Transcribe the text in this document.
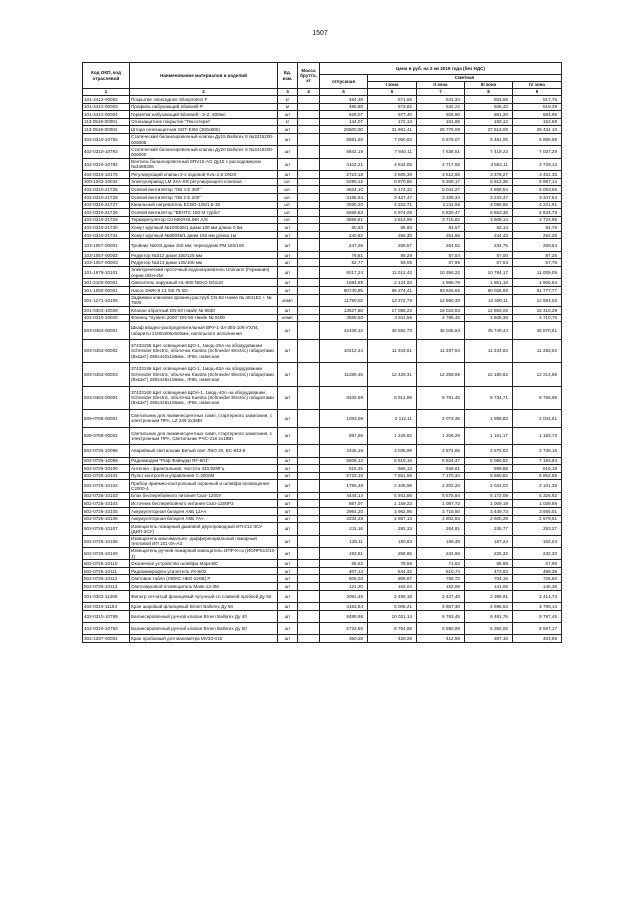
1507
Код ОКП, код отраслевой	Наименование материалов и изделий	Ед. изм.	Масса брутто, кг	Цена в руб. на 2 кв 2019 года (без НДС)				
				отпускная	Сметная			
					I зона	II зона	III зона	IV зона
1	2	3	4	5	6	7	8	9
101-4412-00002	Покрытие эпоксидное Silanprotect F	кг		484,48	571,68	541,34	503,68	517,76
101-4412-00003	Профиль набухающий Silaswell-P	м		485,89	573,82	542,22	505,42	519,39
101-4412-00004	Герметик набухающий Silaswell - S-Z, 600мл	шт		828,07	977,40	925,60	861,20	884,99
113-0519-00001	Огнезащитное покрытие "Тексотерм"	кг		144,07	172,13	161,88	150,12	154,58
113-0519-00002	Штора огнезащитная ЭОТ-EI60 (300х800)	шт		26500,00	31 661,41	29 775,09	27 613,00	28 434 10
402-0310-10792	Статический балансировочный клапан Ду15 Ballorex S №3315200- 005005	шт		5981,50	7 060,63	6 679,07	6 481,06	6 896,98
402-0310-10793	Статический балансировочный клапан Ду20 Ballorex S №3415200- 006000	шт		6842,19	7 840,11	7 638,51	7 419,23	7 037,29
402-0310-10794	Вентиль балансировочный SRV15-AG Ду15 с расходомером №3498306	шт		4102,21	4 842,05	4 717,55	4 582,11	4 729,14
402-0310-10175	Регулирующий клапан 2-х ходовой Kvs=2,5 DN20	шт		2723,18	3 605,39	3 512,68	3 378,27	3 451,35
300-1043-10032	Электропривод LM 24A-SR регулирующего клапана	шт.		5290,12	6 870,85	6 269,17	5 812,38	5 987,14
402-0310-21725	Осевой вентилятор "OB 4 E 350"	шт.		4824,10	5 174,32	5 041,27	4 896,54	5 053,66
402-0310-21728	Осевой вентилятор "OB 2 E 200"	шт.		3185,54	3 427,47	3 339,34	3 243,47	3 347,54
402-0310-21727	Канальный нагреватель ЕСВО-125/1,5-18	шт.		4030,20	4 322,71	4 211,55	4 090,65	4 221,91
402-0310-21726	Осевой вентилятор "BEHTC 150 M турбо"	шт.		5569,83	5 974,09	5 820,47	5 653,36	5 834,78
402-0310-21729	Терморегулятор OJ MIKROLINK A/S	шт.		3556,81	3 813,99	3 715,82	3 609,14	3 724,95
402-0310-21730	Хомут крупный №100035/1 диам 100 мм длина 0,5м	шт		80,93	86,80	84,57	82,14	84,78
402-0310-21731	Хомут крупный №90035/1 диам 150 мм длина 1м	шт		240,82	258,30	251,66	244,43	252,28
103-1057-00001	Тройник №033 диам 150 мм; переходник РМ 150/160	шт		247,28	269,57	264,52	234,75	259,64
103-1057-00002	Редуктор №312 диам 150/125 мм	шт		79,81	89,29	87,64	87,00	87,25
103-1057-00003	Редуктор №213 диам 125/100 мм	шт		52,77	59,05	57,95	57,53	57,76
101-1979-10101	Электрический проточный водонагреватель Unimann (Германия) серии UDH-4M	шт		9217,24	11 012,42	10 356,22	10 784,17	11 009,05
301-2100-00001	Смеситель наружный HL-900 NEKO DN110	шт		1684,89	2 124,63	1 995,78	1 851,18	1 906,94
301-1050-00001	Насос DWK-8 13 /50.75 5D	шт		80740,85	96 274,41	93 525,65	90 028,86	91 777,77
301-1271-10106	Задвижка клиновая фланец-раструб CN-63 Hawle № 4041E2 + № 7600	комп		11750,02	13 272,79	12 860,30	12 490,11	12 684,02
201-0303-10028	Клапан обратный DN-50 Hawle № 9830	шт		13527,88	17 058,22	16 023,83	14 863,00	15 310,29
402-0310-10020	Фланец "System 2000" DN-50 Hawle № 0400	комп		4589,50	4 911,56	4 786,45	4 609,36	4 710,76
503-0463-00001	Шкаф вводно-распределительный ВРУ-1-Зл-393-106-УХЛ4, габариты 2100х800х600мм, напольного исполнения	шт		42439,13	46 682,73	46 045,64	45 749,44	45 870,61
503-0463-00002	37433156 Щит освещения ЩО-1, 1мод=25А на оборудовании Schneider Electric, оболочка Kaedra (Schneider Electric) габаритами (ВхШхГ) 280х440х156мм., IP65, навесная	шт		10412,44	11 403,61	11 297,54	11 224,83	11 253,62
503-0463-00003	37433159 Щит освещения ЩО-1, 1мод=63А на оборудовании Schneider Electric, оболочка Kaedra (Schneider Electric) габаритами (ВхШхГ) 280х448х156мм., IP65, навесная	шт		11289,45	12 429,31	12 259,95	12 180,62	12 214,68
503-0463-00004	37433160 Щит освещения ЩОА-1, 1мод=40А на оборудовании Schneider Electric, оболочка Kaedra (Schneider Electric) габаритами (ВхШхГ) 280х448х156мм., IP65, навесная	шт		8102,69	8 912,89	8 791,45	8 734,71	8 756,99
509-0768-00001	Светильник для люминесцентных ламп, стартерного зажигания, с электронным ПРА, LZ 236 2х36Вт	шт		1083,08	2 112,11	2 073,35	1 995,83	2 034,61
509-0768-00002	Светильник для люминесцентных ламп, стартерного зажигания, с электронным ПРА, Светильник РЧС-218 2х18Вт	шт		987,59	1 226,82	1 206,29	1 161,17	1 183,73
502-0726-10098	Аварийный светильник Белый свет ЛБО 20, БС-843-8	шт		2445,18	3 035,99	2 874,85	2 675,03	2 749,15
502-0726-10099	Радиомодем "Риф Файндер RF-801"	шт		5508,12	6 819,19	6 524,47	6 060,82	7 193,64
502-0726-10100	Антенна - фрактальная, частота 433,92МГц	шт		515,45	666,13	646,61	599,88	616,18
502-0726-10101	Пульт контроля и управления С-2000М	шт		5723,16	7 651,58	7 170,34	6 660,62	6 862,89
502-0726-10102	Прибор приемно-контрольный охранный и шлейфа оповещения С2000-4	шт		1755,48	2 345,98	2 202,20	2 043,03	2 101,38
502-0726-10103	Блок бесперебойного питания Скат-1200У	шт		4444,14	5 941,59	5 575,94	5 172,09	5 326,92
502-0726-10104	Источник бесперебойного питания Скат-1200РЗ	шт		867,07	1 159,23	1 087,72	1 009,19	1 039,89
502-0726-10105	Аккумуляторная батарея АКБ 12Ач	шт		2964,20	3 962,95	3 718,50	3 449,73	3 556,01
502-0726-10106	Аккумуляторная батарея АКБ 7Ач	шт		2234,28	2 987,13	2 802,84	2 600,29	2 679,61
502-0726-10107	Извещатель пожарный дымовой двухпроводный ИП-212-3СУ (ДИП-3СУ)	шт		211,16	282,33	264,91	245,77	253,27
502-0726-10108	Извещатель максимально- дифференциальный пожарный тепловой ИП 101-3А-А3	шт		135,11	180,63	169,49	157,24	162,04
502-0726-10109	Извещатель ручной пожарный извещатель ИПР-К-сх (ИОПР513/10-1)	шт		193,51	258,65	242,66	225,32	232,20
502-0726-10110	Оконечное устройство шлейфа Марк-ВС	шт		59,52	79,59	71,62	66,88	67,90
502-0726-10111	Радиомикрофон усилитель УК-8/02	шт		407,14	544,32	510,74	473,83	488,29
502-0726-10112	Световое табло (ЛЮКС НБО-220В) Р	шт		605,03	808,87	758,72	704,15	725,60
502-0726-10113	Светозвуковой оповещатель Маяк-12-3М	шт		121,20	162,04	152,09	141,06	145,36
201-0303-11269	Фильтр сетчатый фланцевый чугунный со сливной пробкой Ду 50	шт		2091,45	2 495,19	2 427,45	2 399,91	2 414,74
402-0310-11154	Кран шаровый фланцевый Broen Ballorex Ду 50	шт		4153,84	5 006,21	4 857,30	4 695,53	4 798,14
402-0310-10789	Балансировочный ручной клапан Broen Ballorex Ду 40	шт		8489,98	10 021,14	9 763,45	9 481,76	9 787,45
402-0310-10793	Балансировочный ручной клапан Broen Ballorex Ду 50	шт		5722,60	6 754,68	6 580,99	6 392,06	6 597,17
302-1297-00001	Кран пробковый для манометра МV33-015	шт		350,28	420,28	412,59	397,16	404,89
